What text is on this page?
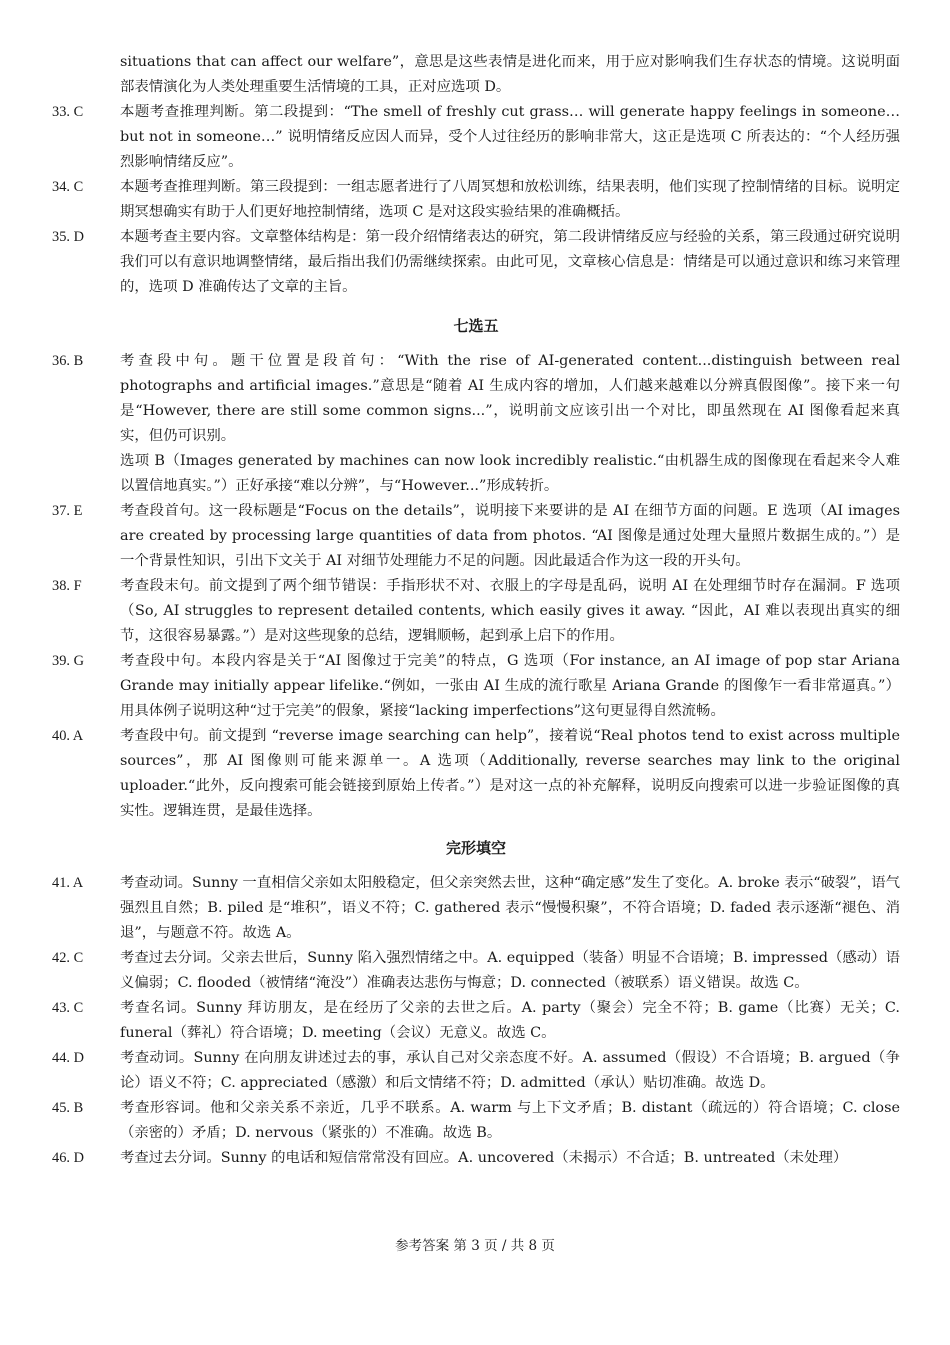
situations that can affect our welfare”，意思是这些表情是进化而来，用于应对影响我们生存状态的情境。这说明面部表情演化为人类处理重要生活情境的工具，正对应选项 D。

33. C	本题考查推理判断。第二段提到：“The smell of freshly cut grass… will generate happy feelings in someone… but not in someone…” 说明情绪反应因人而异，受个人过往经历的影响非常大，这正是选项 C 所表达的：“个人经历强烈影响情绪反应”。
34. C	本题考查推理判断。第三段提到：一组志愿者进行了八周冥想和放松训练，结果表明，他们实现了控制情绪的目标。说明定期冥想确实有助于人们更好地控制情绪，选项 C 是对这段实验结果的准确概括。
35. D	本题考查主要内容。文章整体结构是：第一段介绍情绪表达的研究，第二段讲情绪反应与经验的关系，第三段通过研究说明我们可以有意识地调整情绪，最后指出我们仍需继续探索。由此可见，文章核心信息是：情绪是可以通过意识和练习来管理的，选项 D 准确传达了文章的主旨。
七选五
36. B	考查段中句。题干位置是段首句：“With the rise of AI-generated content...distinguish between real photographs and artificial images.”意思是“随着 AI 生成内容的增加，人们越来越难以分辨真假图像”。接下来一句是“However, there are still some common signs...”，说明前文应该引出一个对比，即虽然现在 AI 图像看起来真实，但仍可识别。

选项 B（Images generated by machines can now look incredibly realistic.“由机器生成的图像现在看起来令人难以置信地真实。”）正好承接“难以分辨”，与“However...”形成转折。

37. E	考查段首句。这一段标题是“Focus on the details”，说明接下来要讲的是 AI 在细节方面的问题。E 选项（AI images are created by processing large quantities of data from photos. “AI 图像是通过处理大量照片数据生成的。”）是一个背景性知识，引出下文关于 AI 对细节处理能力不足的问题。因此最适合作为这一段的开头句。

38. F	考查段末句。前文提到了两个细节错误：手指形状不对、衣服上的字母是乱码，说明 AI 在处理细节时存在漏洞。F 选项（So, AI struggles to represent detailed contents, which easily gives it away. “因此，AI 难以表现出真实的细节，这很容易暴露。”）是对这些现象的总结，逻辑顺畅，起到承上启下的作用。

39. G	考查段中句。本段内容是关于“AI 图像过于完美”的特点，G 选项（For instance, an AI image of pop star Ariana Grande may initially appear lifelike.“例如，一张由 AI 生成的流行歌星 Ariana Grande 的图像乍一看非常逼真。”）用具体例子说明这种“过于完美”的假象，紧接“lacking imperfections”这句更显得自然流畅。

40. A	考查段中句。前文提到 “reverse image searching can help”，接着说“Real photos tend to exist across multiple sources”，那 AI 图像则可能来源单一。A 选项（Additionally, reverse searches may link to the original uploader.“此外，反向搜索可能会链接到原始上传者。”）是对这一点的补充解释，说明反向搜索可以进一步验证图像的真实性。逻辑连贯，是最佳选择。

完形填空
41. A	考查动词。Sunny 一直相信父亲如太阳般稳定，但父亲突然去世，这种“确定感”发生了变化。A. broke 表示“破裂”，语气强烈且自然；B. piled 是“堆积”，语义不符；C. gathered 表示“慢慢积聚”，不符合语境；D. faded 表示逐渐“褪色、消退”，与题意不符。故选 A。
42. C	考查过去分词。父亲去世后，Sunny 陷入强烈情绪之中。A. equipped（装备）明显不合语境；B. impressed（感动）语义偏弱；C. flooded（被情绪“淹没”）准确表达悲伤与悔意；D. connected（被联系）语义错误。故选 C。
43. C	考查名词。Sunny 拜访朋友，是在经历了父亲的去世之后。A. party（聚会）完全不符；B. game（比赛）无关；C. funeral（葬礼）符合语境；D. meeting（会议）无意义。故选 C。
44. D	考查动词。Sunny 在向朋友讲述过去的事，承认自己对父亲态度不好。A. assumed（假设）不合语境；B. argued（争论）语义不符；C. appreciated（感激）和后文情绪不符；D. admitted（承认）贴切准确。故选 D。
45. B	考查形容词。他和父亲关系不亲近，几乎不联系。A. warm 与上下文矛盾；B. distant（疏远的）符合语境；C. close（亲密的）矛盾；D. nervous（紧张的）不准确。故选 B。
46. D	考查过去分词。Sunny 的电话和短信常常没有回应。A. uncovered（未揭示）不合适；B. untreated（未处理）
参考答案 第 3 页 / 共 8 页
